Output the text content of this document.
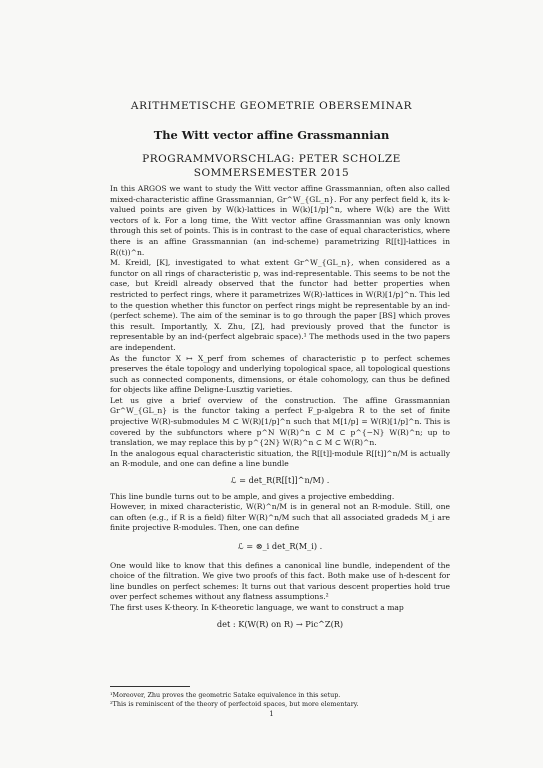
ARITHMETISCHE GEOMETRIE OBERSEMINAR
The Witt vector affine Grassmannian
PROGRAMMVORSCHLAG: PETER SCHOLZE
SOMMERSEMESTER 2015

In this ARGOS we want to study the Witt vector affine Grassmannian, often also called mixed-characteristic affine Grassmannian, Gr^W_{GL_n}. For any perfect field k, its k-valued points are given by W(k)-lattices in W(k)[1/p]^n, where W(k) are the Witt vectors of k. For a long time, the Witt vector affine Grassmannian was only known through this set of points. This is in contrast to the case of equal characteristics, where there is an affine Grassmannian (an ind-scheme) parametrizing R[[t]]-lattices in R((t))^n.

M. Kreidl, [K], investigated to what extent Gr^W_{GL_n}, when considered as a functor on all rings of characteristic p, was ind-representable. This seems to be not the case, but Kreidl already observed that the functor had better properties when restricted to perfect rings, where it parametrizes W(R)-lattices in W(R)[1/p]^n. This led to the question whether this functor on perfect rings might be representable by an ind-(perfect scheme). The aim of the seminar is to go through the paper [BS] which proves this result. Importantly, X. Zhu, [Z], had previously proved that the functor is representable by an ind-(perfect algebraic space).¹ The methods used in the two papers are independent.

As the functor X ↦ X_perf from schemes of characteristic p to perfect schemes preserves the étale topology and underlying topological space, all topological questions such as connected components, dimensions, or étale cohomology, can thus be defined for objects like affine Deligne-Lusztig varieties.

Let us give a brief overview of the construction. The affine Grassmannian Gr^W_{GL_n} is the functor taking a perfect F_p-algebra R to the set of finite projective W(R)-submodules M ⊂ W(R)[1/p]^n such that M[1/p] = W(R)[1/p]^n. This is covered by the subfunctors where p^N W(R)^n ⊂ M ⊂ p^{−N} W(R)^n; up to translation, we may replace this by p^{2N} W(R)^n ⊂ M ⊂ W(R)^n.

In the analogous equal characteristic situation, the R[[t]]-module R[[t]]^n/M is actually an R-module, and one can define a line bundle

ℒ = det_R(R[[t]]^n/M) .

This line bundle turns out to be ample, and gives a projective embedding.

However, in mixed characteristic, W(R)^n/M is in general not an R-module. Still, one can often (e.g., if R is a field) filter W(R)^n/M such that all associated gradeds M_i are finite projective R-modules. Then, one can define

ℒ = ⊗_i det_R(M_i) .

One would like to know that this defines a canonical line bundle, independent of the choice of the filtration. We give two proofs of this fact. Both make use of h-descent for line bundles on perfect schemes: It turns out that various descent properties hold true over perfect schemes without any flatness assumptions.²

The first uses K-theory. In K-theoretic language, we want to construct a map

det : K(W(R) on R) → Pic^Z(R)
¹Moreover, Zhu proves the geometric Satake equivalence in this setup.
²This is reminiscent of the theory of perfectoid spaces, but more elementary.
1
